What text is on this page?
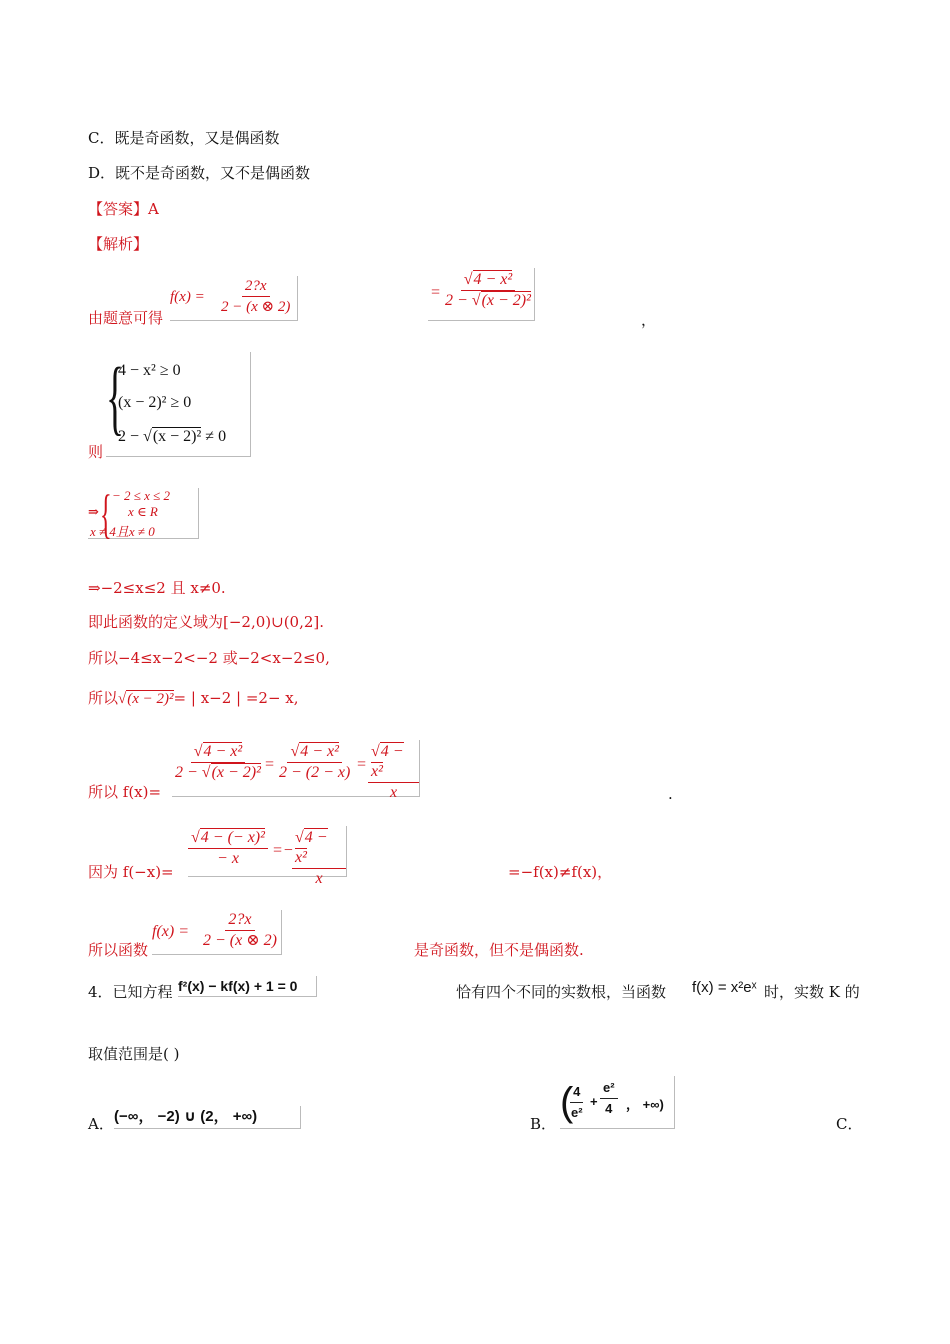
C．既是奇函数，又是偶函数
D．既不是奇函数，又不是偶函数
【答案】A
【解析】
由题意可得
$f(x) = \frac{2?x}{2 - (x \otimes 2)}$	= $\frac{\text{√4 − x²}}{\text{2 − √(x − 2)²}}$
，
则
{
4 − x² ≥ 0
(x − 2)² ≥ 0
2 − √(x − 2)² ≠ 0
⇒ { − 2 ≤ x ≤ 2
x ∈ R
x ≠ 4且x ≠ 0
⇒−2≤x≤2 且 x≠0.
即此函数的定义域为[−2,0)∪(0,2].
所以−4≤x−2<−2 或−2<x−2≤0,
所以√(x − 2)²= | x−2 | =2− x,
所以 f(x)=
$\frac{\text{√4 − x²}}{\text{2 − √(x − 2)²}} = \frac{\text{√4 − x²}}{2 - (2 - x)} = \frac{\text{√4 − x²}}{x}$	.
因为 f(−x)=
$\frac{\text{√4 − (− x)²}}{- x}$ =−
$\frac{\text{√4 − x²}}{x}$	=−f(x)≠f(x)，
所以函数
$f(x) = \frac{2?x}{2 - (x \otimes 2)}$	是奇函数，但不是偶函数.
4．已知方程 f²(x) − kf(x) + 1 = 0	恰有四个不同的实数根，当函数 f(x) = x²eˣ 时，实数 K 的
取值范围是( )
A． (−∞， −2) ∪ (2， +∞)	B． (
$\frac{4}{\text{e²}} + \frac{\text{e²}}{4}$ ， +∞)
C．
